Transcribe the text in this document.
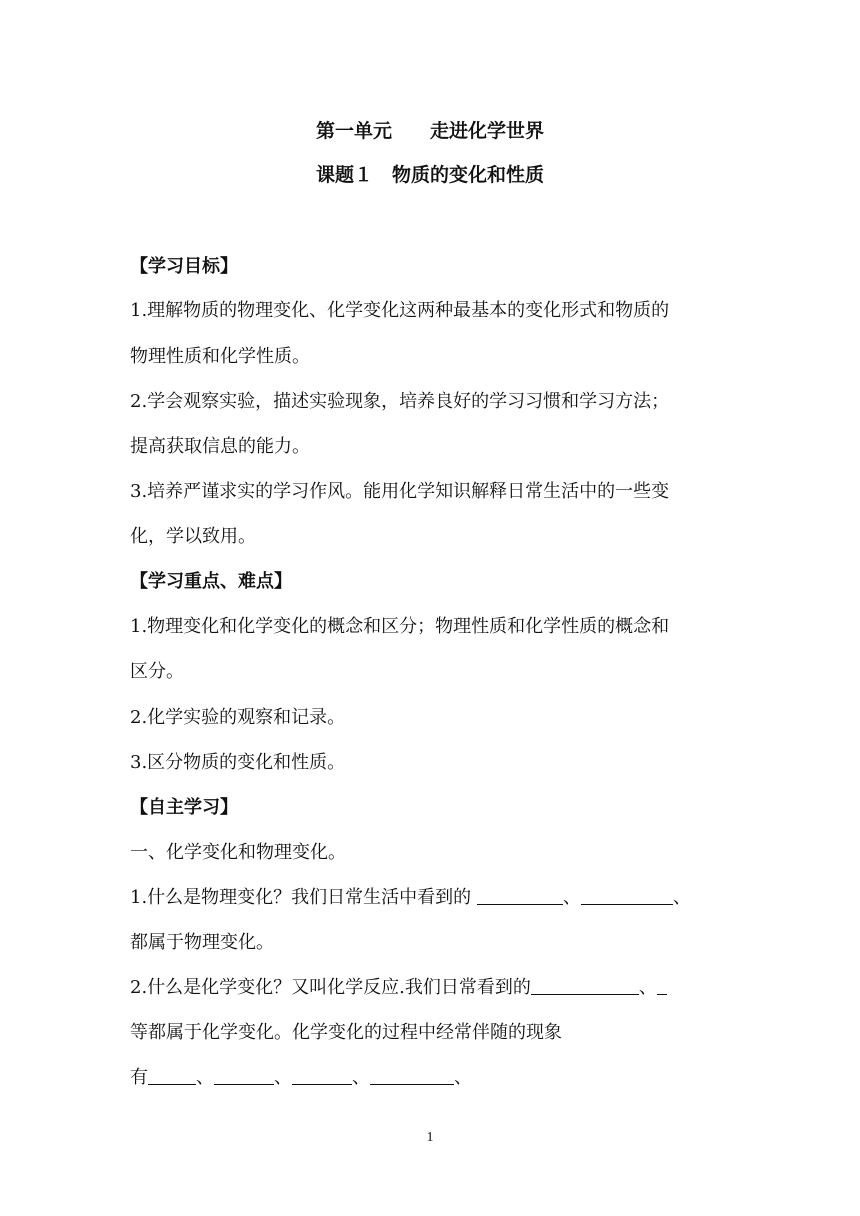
第一单元　　走进化学世界
课题１　物质的变化和性质
【学习目标】
1.理解物质的物理变化、化学变化这两种最基本的变化形式和物质的
物理性质和化学性质。
2.学会观察实验，描述实验现象，培养良好的学习习惯和学习方法；
提高获取信息的能力。
3.培养严谨求实的学习作风。能用化学知识解释日常生活中的一些变
化，学以致用。
【学习重点、难点】
1.物理变化和化学变化的概念和区分；物理性质和化学性质的概念和
区分。
2.化学实验的观察和记录。
3.区分物质的变化和性质。
【自主学习】
一、化学变化和物理变化。
1.什么是物理变化？我们日常生活中看到的	、	、
都属于物理变化。
2.什么是化学变化？又叫化学反应.我们日常看到的	、
等都属于化学变化。化学变化的过程中经常伴随的现象
有	、	、	、	、
1
